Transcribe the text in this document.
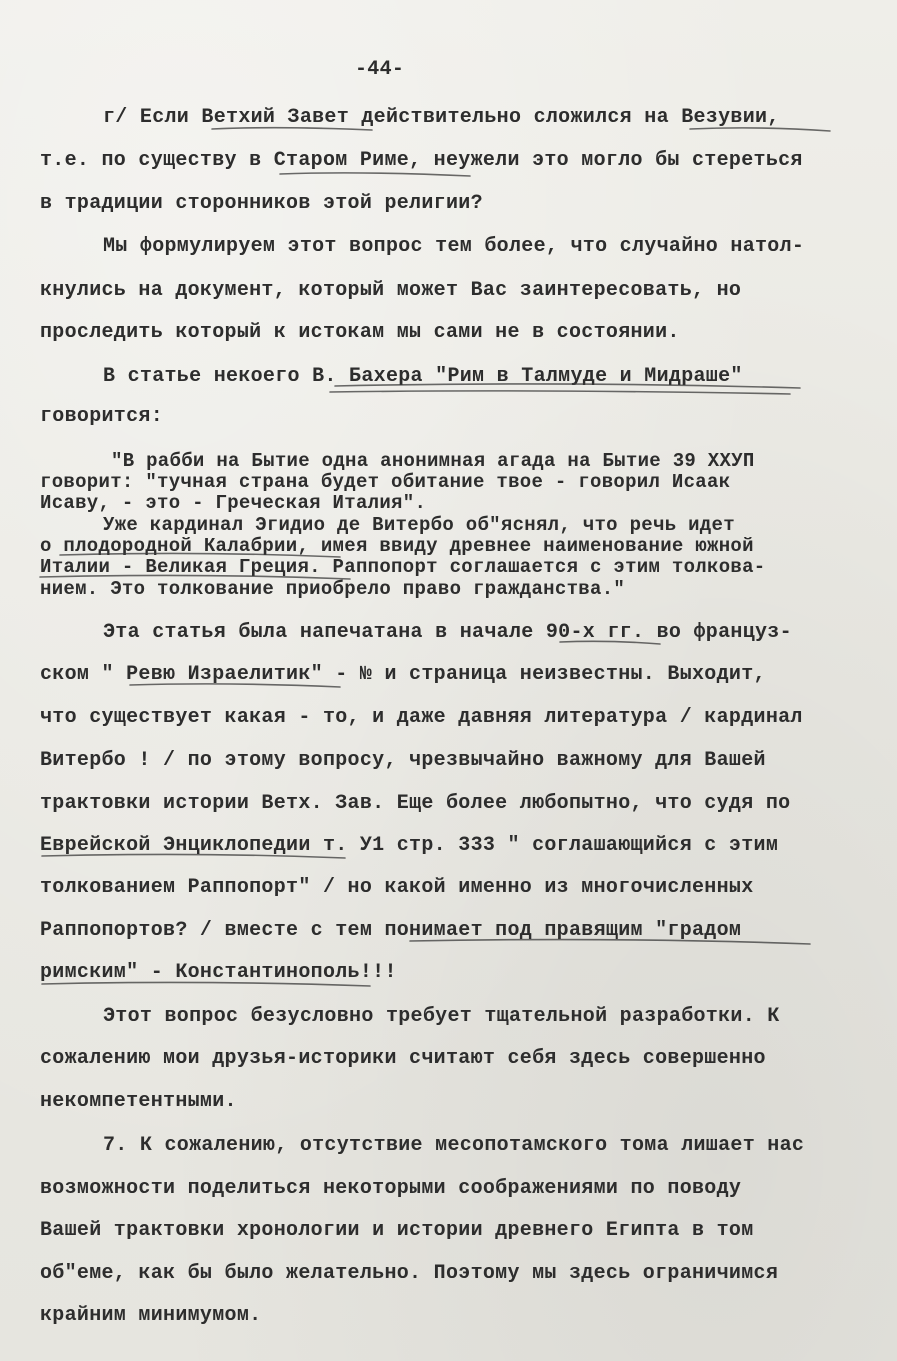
-44-
г/ Если Ветхий Завет действительно сложился на Везувии,
т.е. по существу в Старом Риме, неужели это могло бы стереться
в традиции сторонников этой религии?
Мы формулируем этот вопрос тем более, что случайно натол-
кнулись на документ, который может Вас заинтересовать, но
проследить который к истокам мы сами не в состоянии.
В статье некоего В. Бахера "Рим в Талмуде и Мидраше"
говорится:
"В рабби на Бытие одна анонимная агада на Бытие 39 XXУП
говорит: "тучная страна будет обитание твое - говорил Исаак
Исаву, - это - Греческая Италия".
Уже кардинал Эгидио де Витербо об"яснял, что речь идет
о плодородной Калабрии, имея ввиду древнее наименование южной
Италии - Великая Греция. Раппопорт соглашается с этим толкова-
нием. Это толкование приобрело право гражданства."
Эта статья была напечатана в начале 90-х гг. во француз-
ском " Ревю Израелитик" - № и страница неизвестны. Выходит,
что существует какая - то, и даже давняя литература / кардинал
Витербо ! / по этому вопросу, чрезвычайно важному для Вашей
трактовки истории Ветх. Зав. Еще более любопытно, что судя по
Еврейской Энциклопедии т. У1 стр. 333 " соглашающийся с этим
толкованием Раппопорт" / но какой именно из многочисленных
Раппопортов? / вместе с тем понимает под правящим "градом
римским" - Константинополь!!!
Этот вопрос безусловно требует тщательной разработки. К
сожалению мои друзья-историки считают себя здесь совершенно
некомпетентными.
7. К сожалению, отсутствие месопотамского тома лишает нас
возможности поделиться некоторыми соображениями по поводу
Вашей трактовки хронологии и истории древнего Египта в том
об"еме, как бы было желательно. Поэтому мы здесь ограничимся
крайним минимумом.
